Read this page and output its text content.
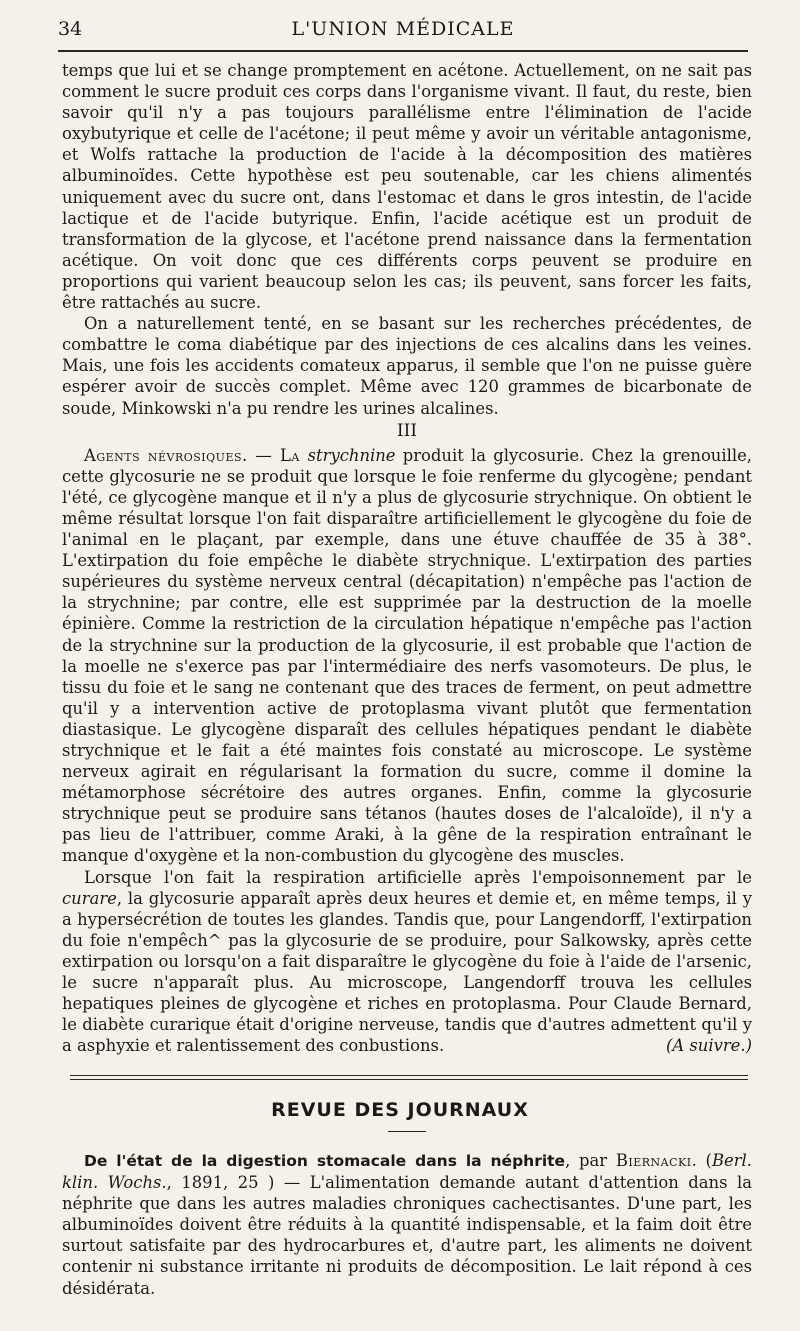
34	L'UNION MÉDICALE

temps que lui et se change promptement en acétone. Actuellement, on ne sait pas comment le sucre produit ces corps dans l'organisme vivant. Il faut, du reste, bien savoir qu'il n'y a pas toujours parallélisme entre l'élimination de l'acide oxybutyrique et celle de l'acétone; il peut même y avoir un véritable antagonisme, et Wolfs rattache la production de l'acide à la décomposition des matières albuminoïdes. Cette hypothèse est peu soutenable, car les chiens alimentés uniquement avec du sucre ont, dans l'estomac et dans le gros intestin, de l'acide lactique et de l'acide butyrique. Enfin, l'acide acétique est un produit de transformation de la glycose, et l'acétone prend naissance dans la fermentation acétique. On voit donc que ces différents corps peuvent se produire en proportions qui varient beaucoup selon les cas; ils peuvent, sans forcer les faits, être rattachés au sucre.

On a naturellement tenté, en se basant sur les recherches précédentes, de combattre le coma diabétique par des injections de ces alcalins dans les veines. Mais, une fois les accidents comateux apparus, il semble que l'on ne puisse guère espérer avoir de succès complet. Même avec 120 grammes de bicarbonate de soude, Minkowski n'a pu rendre les urines alcalines.

III

Agents névrosiques. — La strychnine produit la glycosurie. Chez la grenouille, cette glycosurie ne se produit que lorsque le foie renferme du glycogène; pendant l'été, ce glycogène manque et il n'y a plus de glycosurie strychnique. On obtient le même résultat lorsque l'on fait disparaître artificiellement le glycogène du foie de l'animal en le plaçant, par exemple, dans une étuve chauffée de 35 à 38°. L'extirpation du foie empêche le diabète strychnique. L'extirpation des parties supérieures du système nerveux central (décapitation) n'empêche pas l'action de la strychnine; par contre, elle est supprimée par la destruction de la moelle épinière. Comme la restriction de la circulation hépatique n'empêche pas l'action de la strychnine sur la production de la glycosurie, il est probable que l'action de la moelle ne s'exerce pas par l'intermédiaire des nerfs vasomoteurs. De plus, le tissu du foie et le sang ne contenant que des traces de ferment, on peut admettre qu'il y a intervention active de protoplasma vivant plutôt que fermentation diastasique. Le glycogène disparaît des cellules hépatiques pendant le diabète strychnique et le fait a été maintes fois constaté au microscope. Le système nerveux agirait en régularisant la formation du sucre, comme il domine la métamorphose sécrétoire des autres organes. Enfin, comme la glycosurie strychnique peut se produire sans tétanos (hautes doses de l'alcaloïde), il n'y a pas lieu de l'attribuer, comme Araki, à la gêne de la respiration entraînant le manque d'oxygène et la non-combustion du glycogène des muscles.

Lorsque l'on fait la respiration artificielle après l'empoisonnement par le curare, la glycosurie apparaît après deux heures et demie et, en même temps, il y a hypersécrétion de toutes les glandes. Tandis que, pour Langendorff, l'extirpation du foie n'empêch^ pas la glycosurie de se produire, pour Salkowsky, après cette extirpation ou lorsqu'on a fait disparaître le glycogène du foie à l'aide de l'arsenic, le sucre n'apparaît plus. Au microscope, Langendorff trouva les cellules hepatiques pleines de glycogène et riches en protoplasma. Pour Claude Bernard, le diabète curarique était d'origine nerveuse, tandis que d'autres admettent qu'il y a asphyxie et ralentissement des conbustions.	(A suivre.)

REVUE DES JOURNAUX

De l'état de la digestion stomacale dans la néphrite, par Biernacki. (Berl. klin. Wochs., 1891, 25 ) — L'alimentation demande autant d'attention dans la néphrite que dans les autres maladies chroniques cachectisantes. D'une part, les albuminoïdes doivent être réduits à la quantité indispensable, et la faim doit être surtout satisfaite par des hydrocarbures et, d'autre part, les aliments ne doivent contenir ni substance irritante ni produits de décomposition. Le lait répond à ces désidérata.
